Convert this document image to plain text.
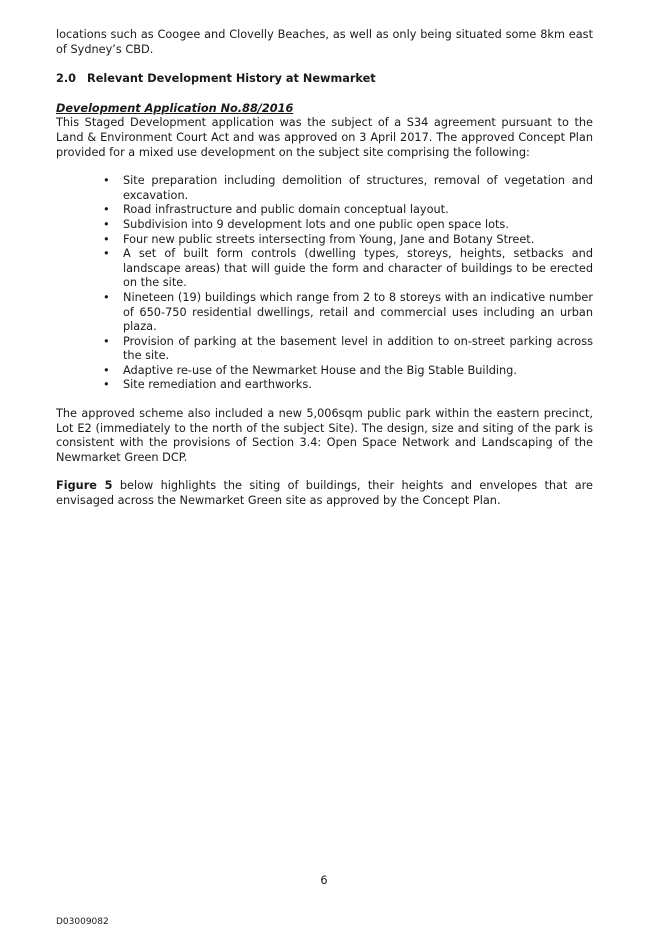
locations such as Coogee and Clovelly Beaches, as well as only being situated some 8km east of Sydney’s CBD.

2.0 Relevant Development History at Newmarket
Development Application No.88/2016

This Staged Development application was the subject of a S34 agreement pursuant to the Land & Environment Court Act and was approved on 3 April 2017. The approved Concept Plan provided for a mixed use development on the subject site comprising the following:

• Site preparation including demolition of structures, removal of vegetation and excavation.
• Road infrastructure and public domain conceptual layout.
• Subdivision into 9 development lots and one public open space lots.
• Four new public streets intersecting from Young, Jane and Botany Street.
• A set of built form controls (dwelling types, storeys, heights, setbacks and landscape areas) that will guide the form and character of buildings to be erected on the site.
• Nineteen (19) buildings which range from 2 to 8 storeys with an indicative number of 650-750 residential dwellings, retail and commercial uses including an urban plaza.
• Provision of parking at the basement level in addition to on-street parking across the site.
• Adaptive re-use of the Newmarket House and the Big Stable Building.
• Site remediation and earthworks.

The approved scheme also included a new 5,006sqm public park within the eastern precinct, Lot E2 (immediately to the north of the subject Site). The design, size and siting of the park is consistent with the provisions of Section 3.4: Open Space Network and Landscaping of the Newmarket Green DCP.

Figure 5 below highlights the siting of buildings, their heights and envelopes that are envisaged across the Newmarket Green site as approved by the Concept Plan.

6
D03009082
